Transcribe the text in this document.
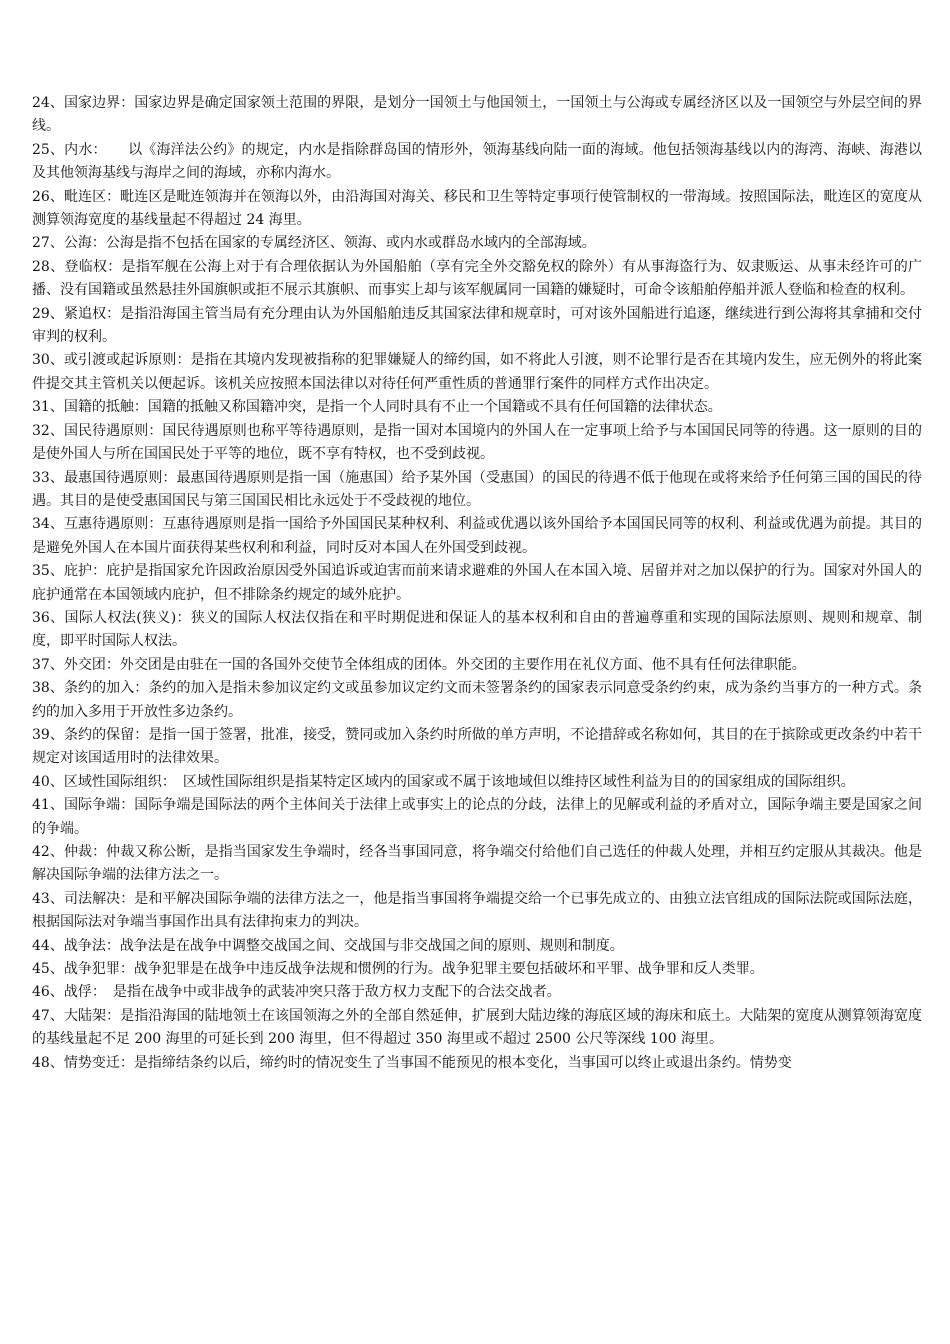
24、国家边界：国家边界是确定国家领土范围的界限，是划分一国领土与他国领土，一国领土与公海或专属经济区以及一国领空与外层空间的界线。

25、内水：　　以《海洋法公约》的规定，内水是指除群岛国的情形外，领海基线向陆一面的海域。他包括领海基线以内的海湾、海峡、海港以及其他领海基线与海岸之间的海域，亦称内海水。

26、毗连区：毗连区是毗连领海并在领海以外，由沿海国对海关、移民和卫生等特定事项行使管制权的一带海域。按照国际法，毗连区的宽度从测算领海宽度的基线量起不得超过 24 海里。

27、公海：公海是指不包括在国家的专属经济区、领海、或内水或群岛水域内的全部海域。

28、登临权：是指军舰在公海上对于有合理依据认为外国船舶（享有完全外交豁免权的除外）有从事海盗行为、奴隶贩运、从事未经许可的广播、没有国籍或虽然悬挂外国旗帜或拒不展示其旗帜、而事实上却与该军舰属同一国籍的嫌疑时，可命令该船舶停船并派人登临和检查的权利。

29、紧追权：是指沿海国主管当局有充分理由认为外国船舶违反其国家法律和规章时，可对该外国船进行追逐，继续进行到公海将其拿捕和交付审判的权利。

30、或引渡或起诉原则：是指在其境内发现被指称的犯罪嫌疑人的缔约国，如不将此人引渡，则不论罪行是否在其境内发生，应无例外的将此案件提交其主管机关以便起诉。该机关应按照本国法律以对待任何严重性质的普通罪行案件的同样方式作出决定。

31、国籍的抵触：国籍的抵触又称国籍冲突，是指一个人同时具有不止一个国籍或不具有任何国籍的法律状态。

32、国民待遇原则：国民待遇原则也称平等待遇原则，是指一国对本国境内的外国人在一定事项上给予与本国国民同等的待遇。这一原则的目的是使外国人与所在国国民处于平等的地位，既不享有特权，也不受到歧视。

33、最惠国待遇原则：最惠国待遇原则是指一国（施惠国）给予某外国（受惠国）的国民的待遇不低于他现在或将来给予任何第三国的国民的待遇。其目的是使受惠国国民与第三国国民相比永远处于不受歧视的地位。

34、互惠待遇原则：互惠待遇原则是指一国给予外国国民某种权利、利益或优遇以该外国给予本国国民同等的权利、利益或优遇为前提。其目的是避免外国人在本国片面获得某些权利和利益，同时反对本国人在外国受到歧视。

35、庇护：庇护是指国家允许因政治原因受外国追诉或迫害而前来请求避难的外国人在本国入境、居留并对之加以保护的行为。国家对外国人的庇护通常在本国领域内庇护，但不排除条约规定的域外庇护。

36、国际人权法(狭义)：狭义的国际人权法仅指在和平时期促进和保证人的基本权利和自由的普遍尊重和实现的国际法原则、规则和规章、制度，即平时国际人权法。

37、外交团：外交团是由驻在一国的各国外交使节全体组成的团体。外交团的主要作用在礼仪方面、他不具有任何法律职能。

38、条约的加入：条约的加入是指未参加议定约文或虽参加议定约文而未签署条约的国家表示同意受条约约束，成为条约当事方的一种方式。条约的加入多用于开放性多边条约。

39、条约的保留：是指一国于签署，批准，接受，赞同或加入条约时所做的单方声明，不论措辞或名称如何，其目的在于摈除或更改条约中若干规定对该国适用时的法律效果。

40、区域性国际组织：　区域性国际组织是指某特定区域内的国家或不属于该地域但以维持区域性利益为目的的国家组成的国际组织。

41、国际争端：国际争端是国际法的两个主体间关于法律上或事实上的论点的分歧，法律上的见解或利益的矛盾对立，国际争端主要是国家之间的争端。

42、仲裁：仲裁又称公断，是指当国家发生争端时，经各当事国同意，将争端交付给他们自己选任的仲裁人处理，并相互约定服从其裁决。他是解决国际争端的法律方法之一。

43、司法解决：是和平解决国际争端的法律方法之一，他是指当事国将争端提交给一个已事先成立的、由独立法官组成的国际法院或国际法庭，根据国际法对争端当事国作出具有法律拘束力的判决。

44、战争法：战争法是在战争中调整交战国之间、交战国与非交战国之间的原则、规则和制度。

45、战争犯罪：战争犯罪是在战争中违反战争法规和惯例的行为。战争犯罪主要包括破坏和平罪、战争罪和反人类罪。

46、战俘：　是指在战争中或非战争的武装冲突只落于敌方权力支配下的合法交战者。

47、大陆架：是指沿海国的陆地领土在该国领海之外的全部自然延伸，扩展到大陆边缘的海底区域的海床和底土。大陆架的宽度从测算领海宽度的基线量起不足 200 海里的可延长到 200 海里，但不得超过 350 海里或不超过 2500 公尺等深线 100 海里。

48、情势变迁：是指缔结条约以后，缔约时的情况变生了当事国不能预见的根本变化，当事国可以终止或退出条约。情势变
